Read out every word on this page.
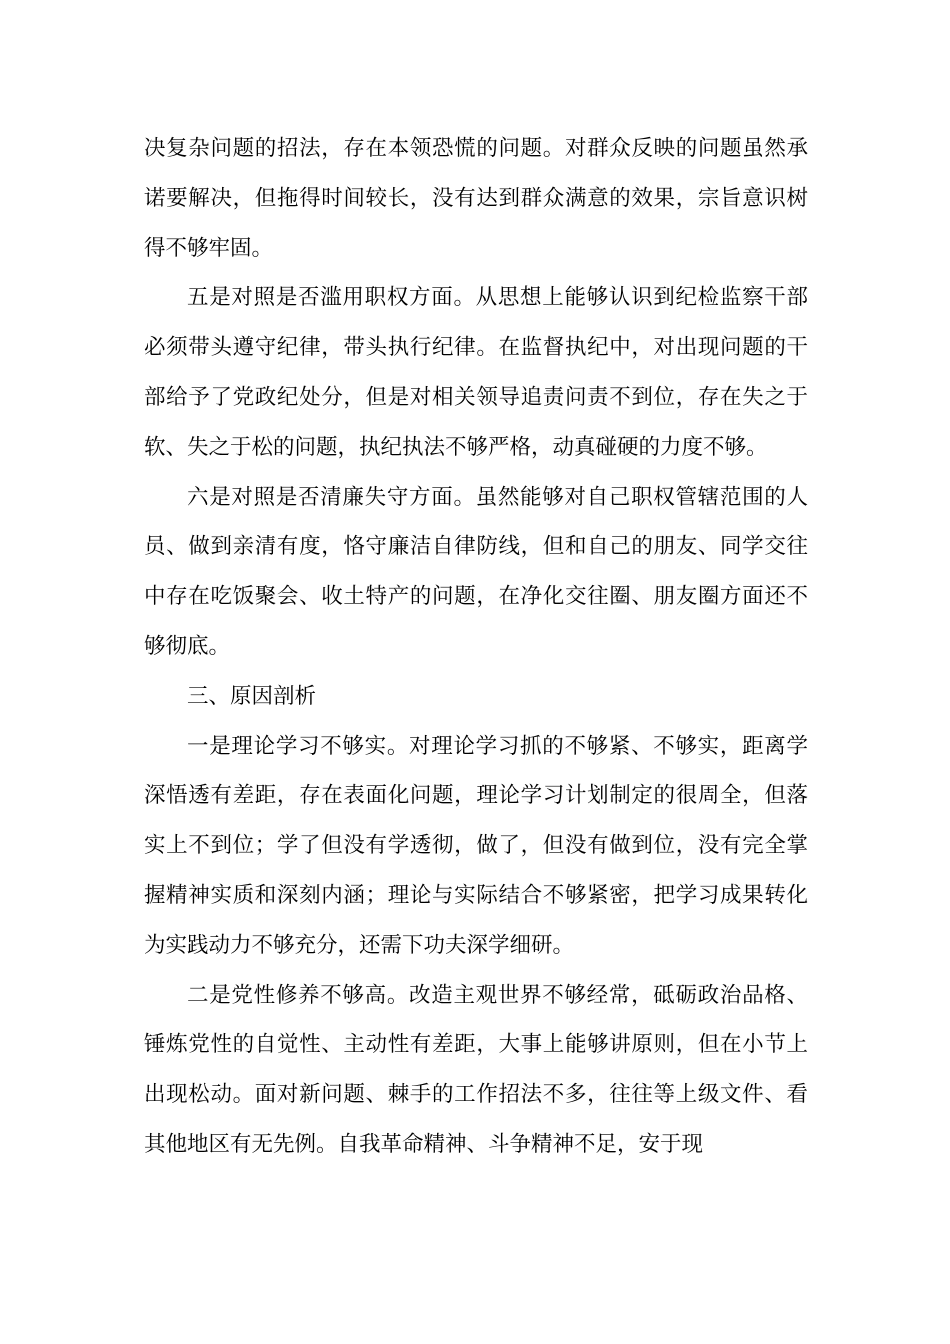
决复杂问题的招法，存在本领恐慌的问题。对群众反映的问题虽然承诺要解决，但拖得时间较长，没有达到群众满意的效果，宗旨意识树得不够牢固。

五是对照是否滥用职权方面。从思想上能够认识到纪检监察干部必须带头遵守纪律，带头执行纪律。在监督执纪中，对出现问题的干部给予了党政纪处分，但是对相关领导追责问责不到位，存在失之于软、失之于松的问题，执纪执法不够严格，动真碰硬的力度不够。

六是对照是否清廉失守方面。虽然能够对自己职权管辖范围的人员、做到亲清有度，恪守廉洁自律防线，但和自己的朋友、同学交往中存在吃饭聚会、收土特产的问题，在净化交往圈、朋友圈方面还不够彻底。

三、原因剖析

一是理论学习不够实。对理论学习抓的不够紧、不够实，距离学深悟透有差距，存在表面化问题，理论学习计划制定的很周全，但落实上不到位；学了但没有学透彻，做了，但没有做到位，没有完全掌握精神实质和深刻内涵；理论与实际结合不够紧密，把学习成果转化为实践动力不够充分，还需下功夫深学细研。

二是党性修养不够高。改造主观世界不够经常，砥砺政治品格、锤炼党性的自觉性、主动性有差距，大事上能够讲原则，但在小节上出现松动。面对新问题、棘手的工作招法不多，往往等上级文件、看其他地区有无先例。自我革命精神、斗争精神不足，安于现
